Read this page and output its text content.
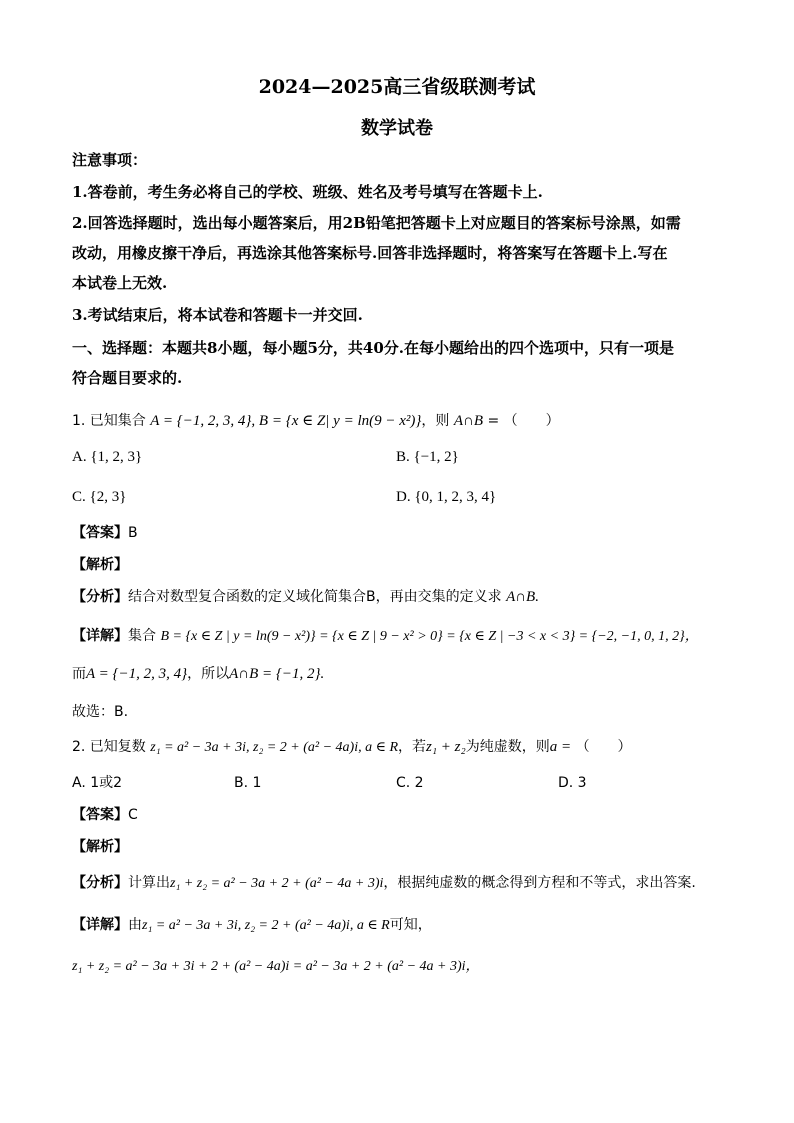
2024—2025高三省级联测考试
数学试卷
注意事项：
1.答卷前，考生务必将自己的学校、班级、姓名及考号填写在答题卡上.
2.回答选择题时，选出每小题答案后，用2B铅笔把答题卡上对应题目的答案标号涂黑，如需
改动，用橡皮擦干净后，再选涂其他答案标号.回答非选择题时，将答案写在答题卡上.写在
本试卷上无效.
3.考试结束后，将本试卷和答题卡一并交回.
一、选择题：本题共8小题，每小题5分，共40分.在每小题给出的四个选项中，只有一项是
符合题目要求的.
1. 已知集合 A = {−1, 2, 3, 4}, B = {x ∈ Z| y = ln(9 − x²)}，则 A∩B = （　　）
A. {1, 2, 3}	B. {−1, 2}
C. {2, 3}	D. {0, 1, 2, 3, 4}
【答案】B
【解析】
【分析】结合对数型复合函数的定义域化简集合B，再由交集的定义求 A∩B.
【详解】集合 B = {x ∈ Z | y = ln(9 − x²)} = {x ∈ Z | 9 − x² > 0} = {x ∈ Z | −3 < x < 3} = {−2, −1, 0, 1, 2}，
而A = {−1, 2, 3, 4}，所以A∩B = {−1, 2}.
故选：B.
2. 已知复数 z₁ = a² − 3a + 3i, z₂ = 2 + (a² − 4a)i, a ∈ R，若z₁ + z₂为纯虚数，则a = （　　）
A. 1或2	B. 1	C. 2	D. 3
【答案】C
【解析】
【分析】计算出z₁ + z₂ = a² − 3a + 2 + (a² − 4a + 3)i，根据纯虚数的概念得到方程和不等式，求出答案.
【详解】由z₁ = a² − 3a + 3i, z₂ = 2 + (a² − 4a)i, a ∈ R可知，
z₁ + z₂ = a² − 3a + 3i + 2 + (a² − 4a)i = a² − 3a + 2 + (a² − 4a + 3)i，
